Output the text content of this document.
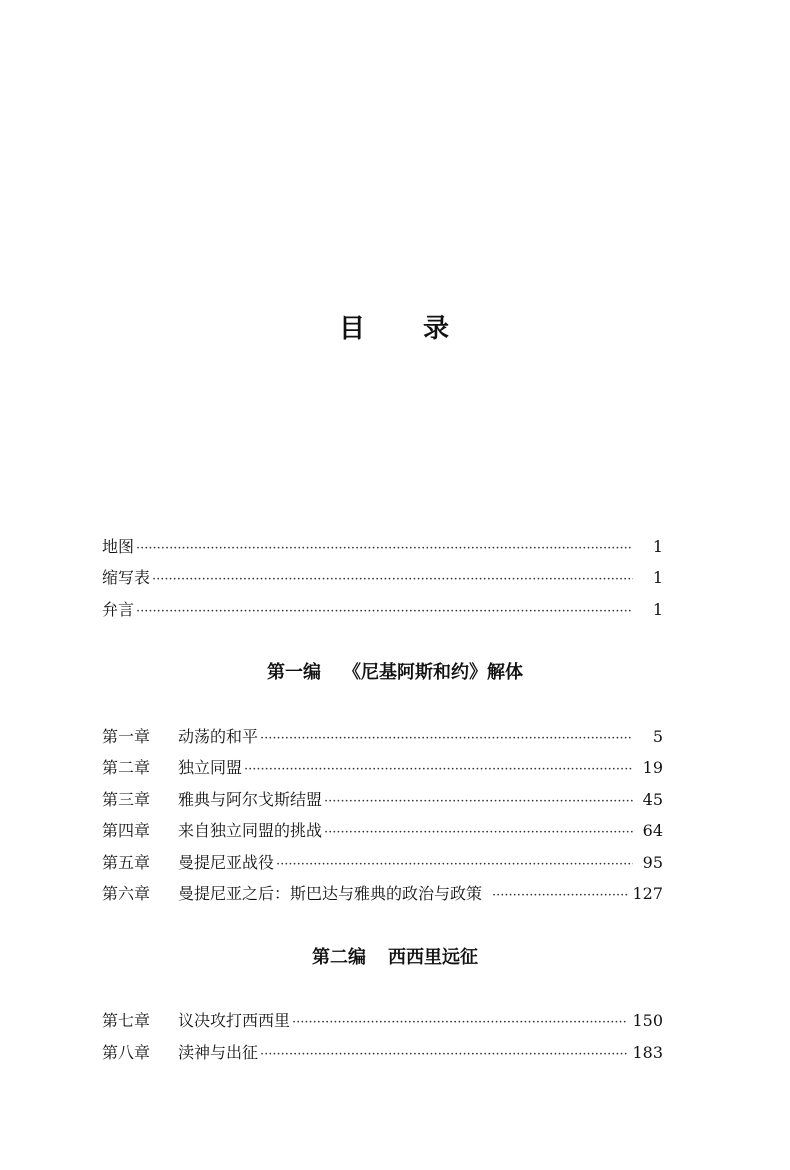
目 录
地图 ·····	1
缩写表 ·····	1
弁言 ·····	1
第一编 《尼基阿斯和约》解体
第一章	动荡的和平 ·····	5
第二章	独立同盟 ·····	19
第三章	雅典与阿尔戈斯结盟 ·····	45
第四章	来自独立同盟的挑战 ·····	64
第五章	曼提尼亚战役 ·····	95
第六章	曼提尼亚之后：斯巴达与雅典的政治与政策 ·····	127
第二编 西西里远征
第七章	议决攻打西西里 ·····	150
第八章	渎神与出征 ·····	183
